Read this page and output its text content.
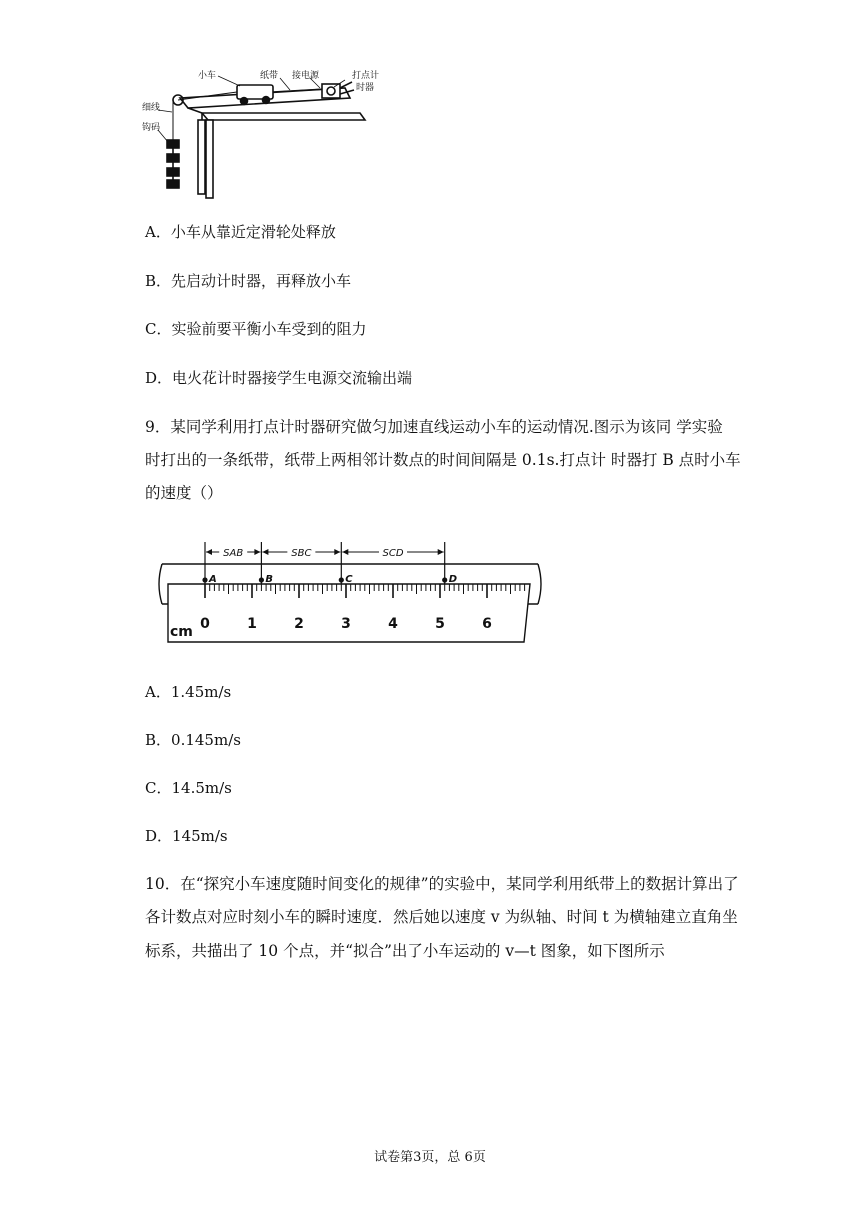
小车	纸带 接电源	打点计
时器
细线
钩码
A．小车从靠近定滑轮处释放
B．先启动计时器，再释放小车
C．实验前要平衡小车受到的阻力
D．电火花计时器接学生电源交流输出端
9．某同学利用打点计时器研究做匀加速直线运动小车的运动情况.图示为该同 学实验
时打出的一条纸带，纸带上两相邻计数点的时间间隔是 0.1s.打点计 时器打 B 点时小车
的速度（）
0	1	2	3	4	5	6
A	B	C	D
SAB	SBC	SCD
cm
A．1.45m/s
B．0.145m/s
C．14.5m/s
D．145m/s
10．在“探究小车速度随时间变化的规律”的实验中，某同学利用纸带上的数据计算出了
各计数点对应时刻小车的瞬时速度．然后她以速度 v 为纵轴、时间 t 为横轴建立直角坐
标系，共描出了 10 个点，并“拟合”出了小车运动的 v—t 图象，如下图所示
试卷第3页，总 6页
